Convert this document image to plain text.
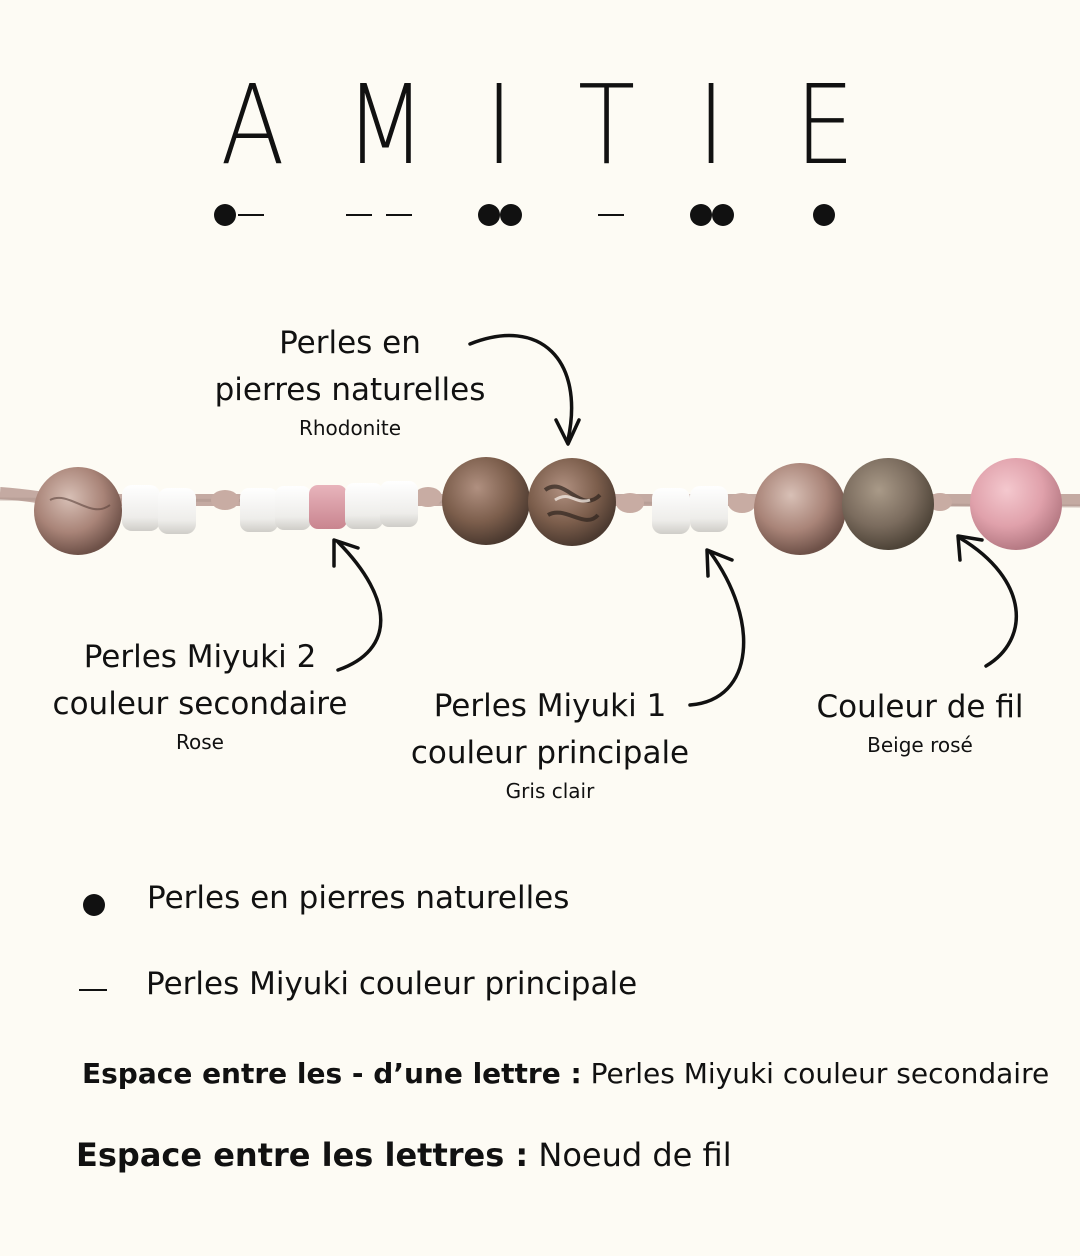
A M I T I E
Perles en
pierres naturelles
Rhodonite
Perles Miyuki 2
couleur secondaire
Rose
Perles Miyuki 1
couleur principale
Gris clair
Couleur de fil
Beige rosé
Perles en pierres naturelles
Perles Miyuki couleur principale
Espace entre les - d’une lettre : Perles Miyuki couleur secondaire
Espace entre les lettres : Noeud de fil
